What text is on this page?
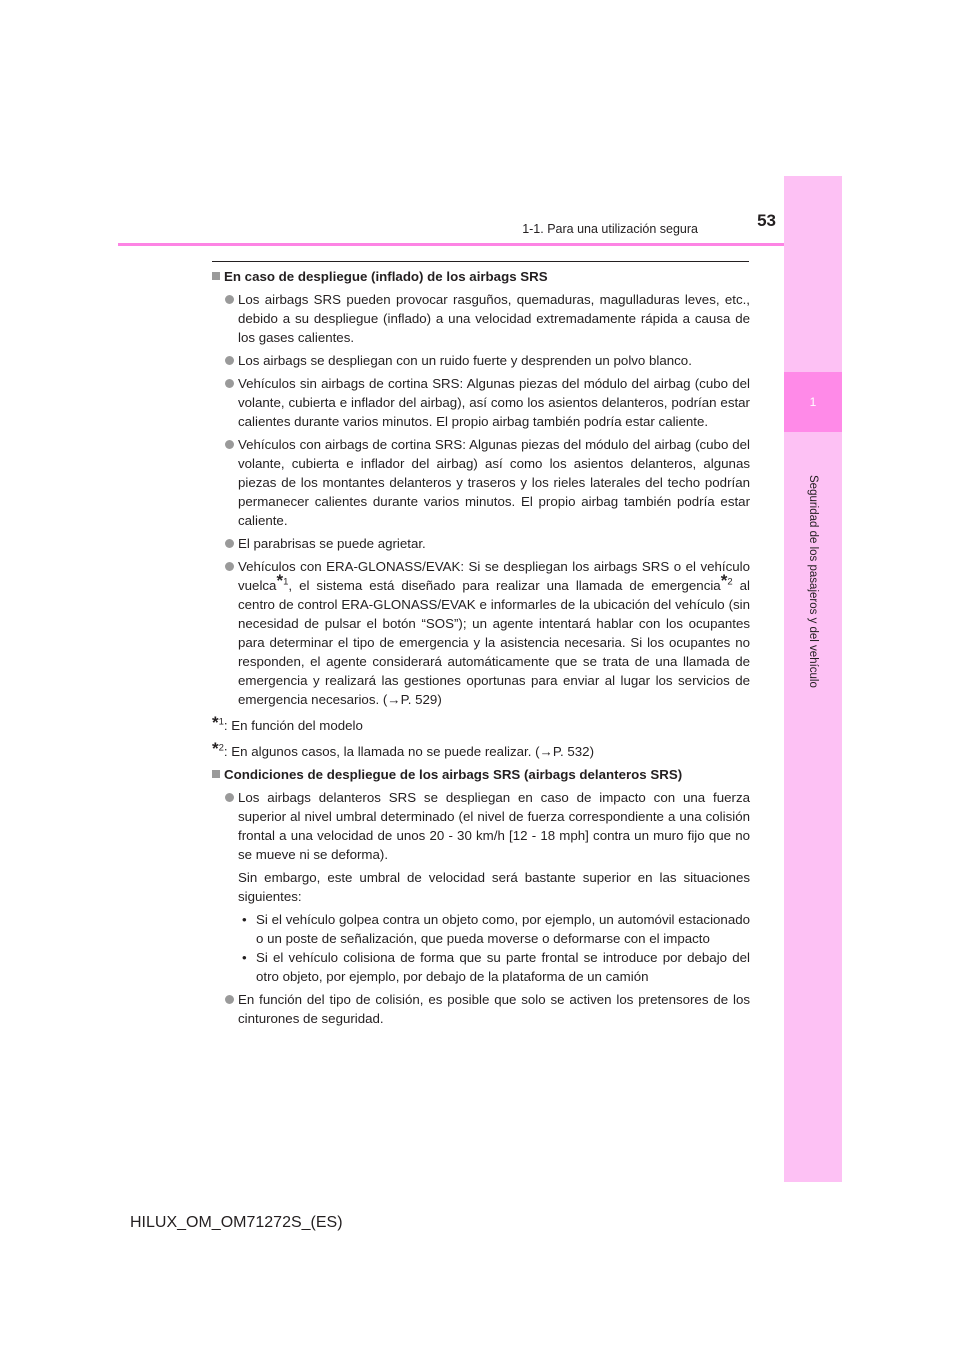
1
Seguridad de los pasajeros y del vehículo
1-1. Para una utilización segura	53
En caso de despliegue (inflado) de los airbags SRS
Los airbags SRS pueden provocar rasguños, quemaduras, magulladuras leves, etc., debido a su despliegue (inflado) a una velocidad extremadamente rápida a causa de los gases calientes.
Los airbags se despliegan con un ruido fuerte y desprenden un polvo blanco.
Vehículos sin airbags de cortina SRS: Algunas piezas del módulo del airbag (cubo del volante, cubierta e inflador del airbag), así como los asientos delanteros, podrían estar calientes durante varios minutos. El propio airbag también podría estar caliente.
Vehículos con airbags de cortina SRS: Algunas piezas del módulo del airbag (cubo del volante, cubierta e inflador del airbag) así como los asientos delanteros, algunas piezas de los montantes delanteros y traseros y los rieles laterales del techo podrían permanecer calientes durante varios minutos. El propio airbag también podría estar caliente.
El parabrisas se puede agrietar.
Vehículos con ERA-GLONASS/EVAK: Si se despliegan los airbags SRS o el vehículo vuelca$^{*1}$, el sistema está diseñado para realizar una llamada de emergencia$^{*2}$ al centro de control ERA-GLONASS/EVAK e informarles de la ubicación del vehículo (sin necesidad de pulsar el botón “SOS”); un agente intentará hablar con los ocupantes para determinar el tipo de emergencia y la asistencia necesaria. Si los ocupantes no responden, el agente considerará automáticamente que se trata de una llamada de emergencia y realizará las gestiones oportunas para enviar al lugar los servicios de emergencia necesarios. (→P. 529)
*$^1$: En función del modelo
*$^2$: En algunos casos, la llamada no se puede realizar. (→P. 532)
Condiciones de despliegue de los airbags SRS (airbags delanteros SRS)
Los airbags delanteros SRS se despliegan en caso de impacto con una fuerza superior al nivel umbral determinado (el nivel de fuerza correspondiente a una colisión frontal a una velocidad de unos 20 - 30 km/h [12 - 18 mph] contra un muro fijo que no se mueve ni se deforma).
Sin embargo, este umbral de velocidad será bastante superior en las situaciones siguientes:
• Si el vehículo golpea contra un objeto como, por ejemplo, un automóvil estacionado o un poste de señalización, que pueda moverse o deformarse con el impacto
• Si el vehículo colisiona de forma que su parte frontal se introduce por debajo del otro objeto, por ejemplo, por debajo de la plataforma de un camión
En función del tipo de colisión, es posible que solo se activen los pretensores de los cinturones de seguridad.
HILUX_OM_OM71272S_(ES)
